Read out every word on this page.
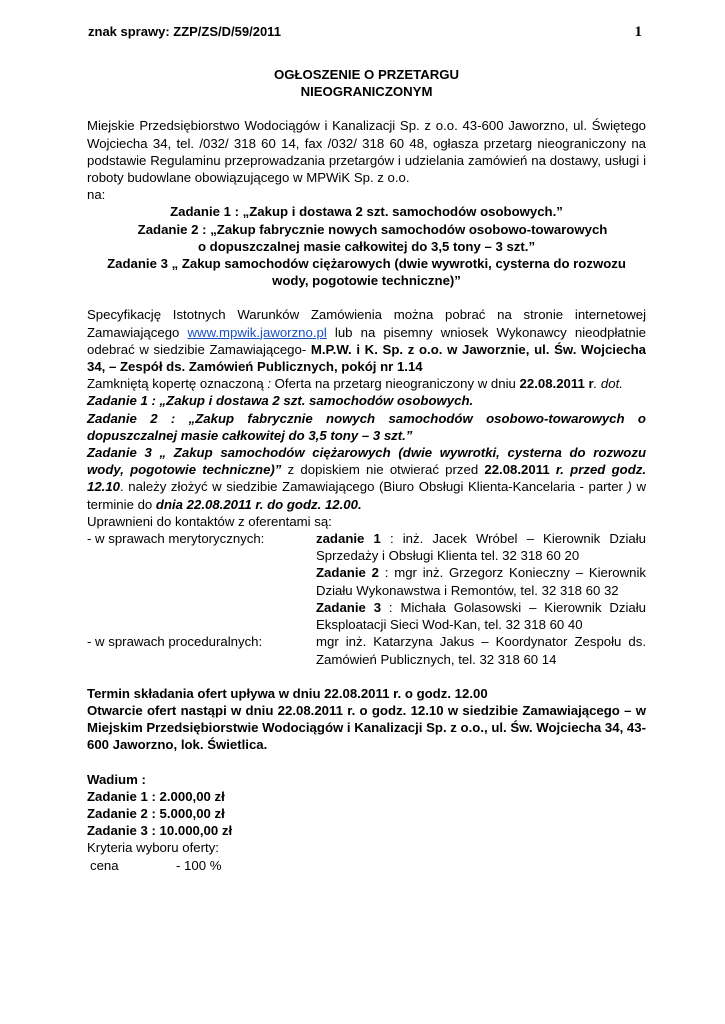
znak sprawy: ZZP/ZS/D/59/2011	1

OGŁOSZENIE O PRZETARGU

NIEOGRANICZONYM

Miejskie Przedsiębiorstwo Wodociągów i Kanalizacji Sp. z o.o. 43-600 Jaworzno, ul. Świętego Wojciecha 34, tel. /032/ 318 60 14, fax /032/ 318 60 48, ogłasza przetarg nieograniczony na podstawie Regulaminu przeprowadzania przetargów i udzielania zamówień na dostawy, usługi i roboty budowlane obowiązującego w MPWiK Sp. z o.o.

na:

Zadanie 1 : „Zakup i dostawa 2 szt. samochodów osobowych.”

Zadanie 2 : „Zakup fabrycznie nowych samochodów osobowo-towarowych

o dopuszczalnej masie całkowitej do 3,5 tony – 3 szt.”

Zadanie 3 „ Zakup samochodów ciężarowych (dwie wywrotki, cysterna do rozwozu

wody, pogotowie techniczne)”

Specyfikację Istotnych Warunków Zamówienia można pobrać na stronie internetowej Zamawiającego www.mpwik.jaworzno.pl lub na pisemny wniosek Wykonawcy nieodpłatnie odebrać w siedzibie Zamawiającego- M.P.W. i K. Sp. z o.o. w Jaworznie, ul. Św. Wojciecha 34, – Zespół ds. Zamówień Publicznych, pokój nr 1.14

Zamkniętą kopertę oznaczoną : Oferta na przetarg nieograniczony w dniu 22.08.2011 r. dot.

Zadanie 1 : „Zakup i dostawa 2 szt. samochodów osobowych.

Zadanie 2 : „Zakup fabrycznie nowych samochodów osobowo-towarowych o dopuszczalnej masie całkowitej do 3,5 tony – 3 szt.”

Zadanie 3 „ Zakup samochodów ciężarowych (dwie wywrotki, cysterna do rozwozu wody, pogotowie techniczne)” z dopiskiem nie otwierać przed 22.08.2011 r. przed godz. 12.10. należy złożyć w siedzibie Zamawiającego (Biuro Obsługi Klienta-Kancelaria - parter ) w terminie do dnia 22.08.2011 r. do godz. 12.00.

Uprawnieni do kontaktów z oferentami są:

- w sprawach merytorycznych:	zadanie 1 : inż. Jacek Wróbel – Kierownik Działu Sprzedaży i Obsługi Klienta tel. 32 318 60 20

Zadanie 2 : mgr inż. Grzegorz Konieczny – Kierownik Działu Wykonawstwa i Remontów, tel. 32 318 60 32

Zadanie 3 : Michała Golasowski – Kierownik Działu Eksploatacji Sieci Wod-Kan, tel. 32 318 60 40

- w sprawach proceduralnych:	mgr inż. Katarzyna Jakus – Koordynator Zespołu ds. Zamówień Publicznych, tel. 32 318 60 14

Termin składania ofert upływa w dniu 22.08.2011 r. o godz. 12.00

Otwarcie ofert nastąpi w dniu 22.08.2011 r. o godz. 12.10 w siedzibie Zamawiającego – w Miejskim Przedsiębiorstwie Wodociągów i Kanalizacji Sp. z o.o., ul. Św. Wojciecha 34, 43-600 Jaworzno, lok. Świetlica.

Wadium :

Zadanie 1 : 2.000,00 zł

Zadanie 2 : 5.000,00 zł

Zadanie 3 : 10.000,00 zł

Kryteria wyboru oferty:

cena	- 100 %
